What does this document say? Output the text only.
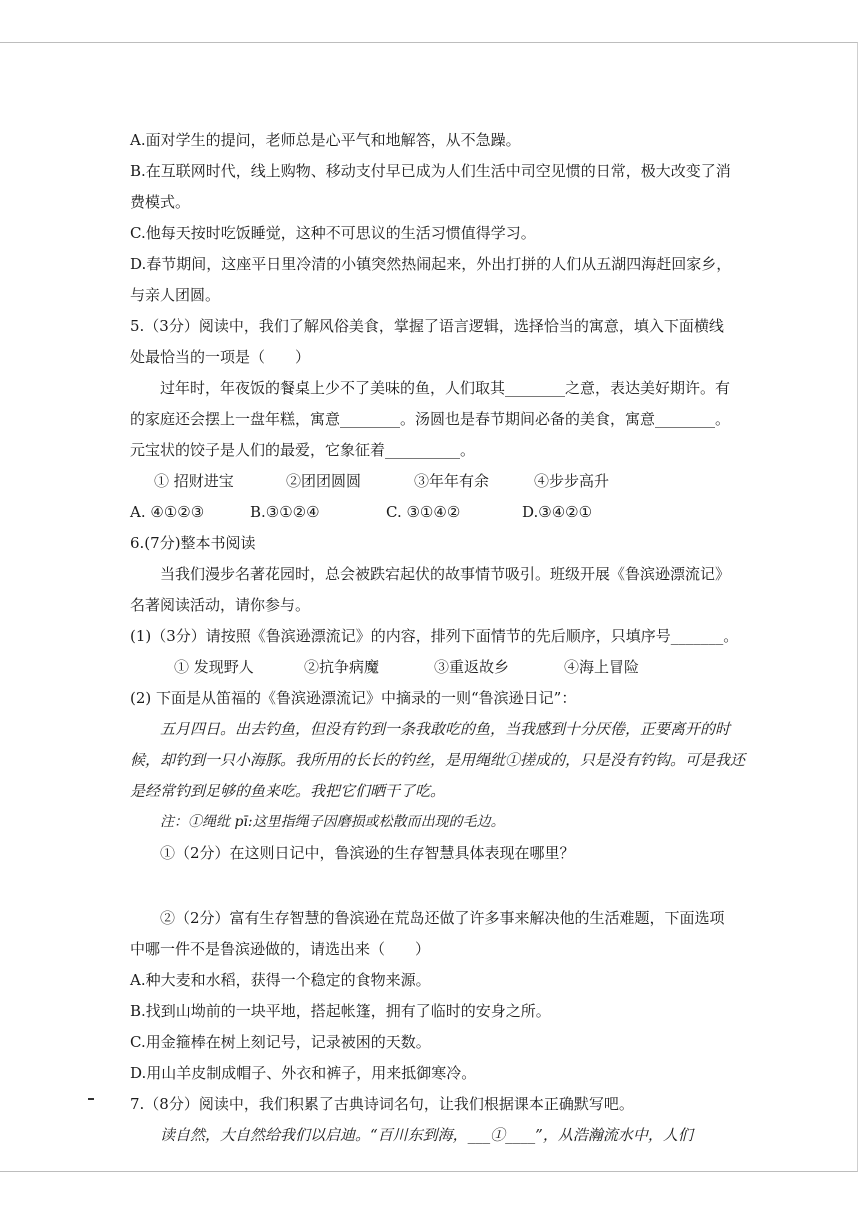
A.面对学生的提问，老师总是心平气和地解答，从不急躁。

B.在互联网时代，线上购物、移动支付早已成为人们生活中司空见惯的日常，极大改变了消

费模式。

C.他每天按时吃饭睡觉，这种不可思议的生活习惯值得学习。

D.春节期间，这座平日里冷清的小镇突然热闹起来，外出打拼的人们从五湖四海赶回家乡，

与亲人团圆。

5.（3分）阅读中，我们了解风俗美食，掌握了语言逻辑，选择恰当的寓意，填入下面横线

处最恰当的一项是（　　）

过年时，年夜饭的餐桌上少不了美味的鱼，人们取其________之意，表达美好期许。有

的家庭还会摆上一盘年糕，寓意________。汤圆也是春节期间必备的美食，寓意________。

元宝状的饺子是人们的最爱，它象征着__________。

① 招财进宝	②团团圆圆	③年年有余	④步步高升
A. ④①②③	B.③①②④	C. ③①④②	D.③④②①

6.(7分)整本书阅读

当我们漫步名著花园时，总会被跌宕起伏的故事情节吸引。班级开展《鲁滨逊漂流记》

名著阅读活动，请你参与。

(1)（3分）请按照《鲁滨逊漂流记》的内容，排列下面情节的先后顺序，只填序号_______。

① 发现野人	②抗争病魔	③重返故乡	④海上冒险

(2) 下面是从笛福的《鲁滨逊漂流记》中摘录的一则“鲁滨逊日记”：

五月四日。出去钓鱼，但没有钓到一条我敢吃的鱼，当我感到十分厌倦，正要离开的时

候，却钓到一只小海豚。我所用的长长的钓丝，是用绳纰①搓成的，只是没有钓钩。可是我还

是经常钓到足够的鱼来吃。我把它们晒干了吃。

注：①绳纰 pī:这里指绳子因磨损或松散而出现的毛边。

①（2分）在这则日记中，鲁滨逊的生存智慧具体表现在哪里？

②（2分）富有生存智慧的鲁滨逊在荒岛还做了许多事来解决他的生活难题，下面选项

中哪一件不是鲁滨逊做的，请选出来（　　）

A.种大麦和水稻，获得一个稳定的食物来源。

B.找到山坳前的一块平地，搭起帐篷，拥有了临时的安身之所。

C.用金箍棒在树上刻记号，记录被困的天数。

D.用山羊皮制成帽子、外衣和裤子，用来抵御寒冷。

7.（8分）阅读中，我们积累了古典诗词名句，让我们根据课本正确默写吧。

读自然，大自然给我们以启迪。“百川东到海，___①____”，从浩瀚流水中，人们
